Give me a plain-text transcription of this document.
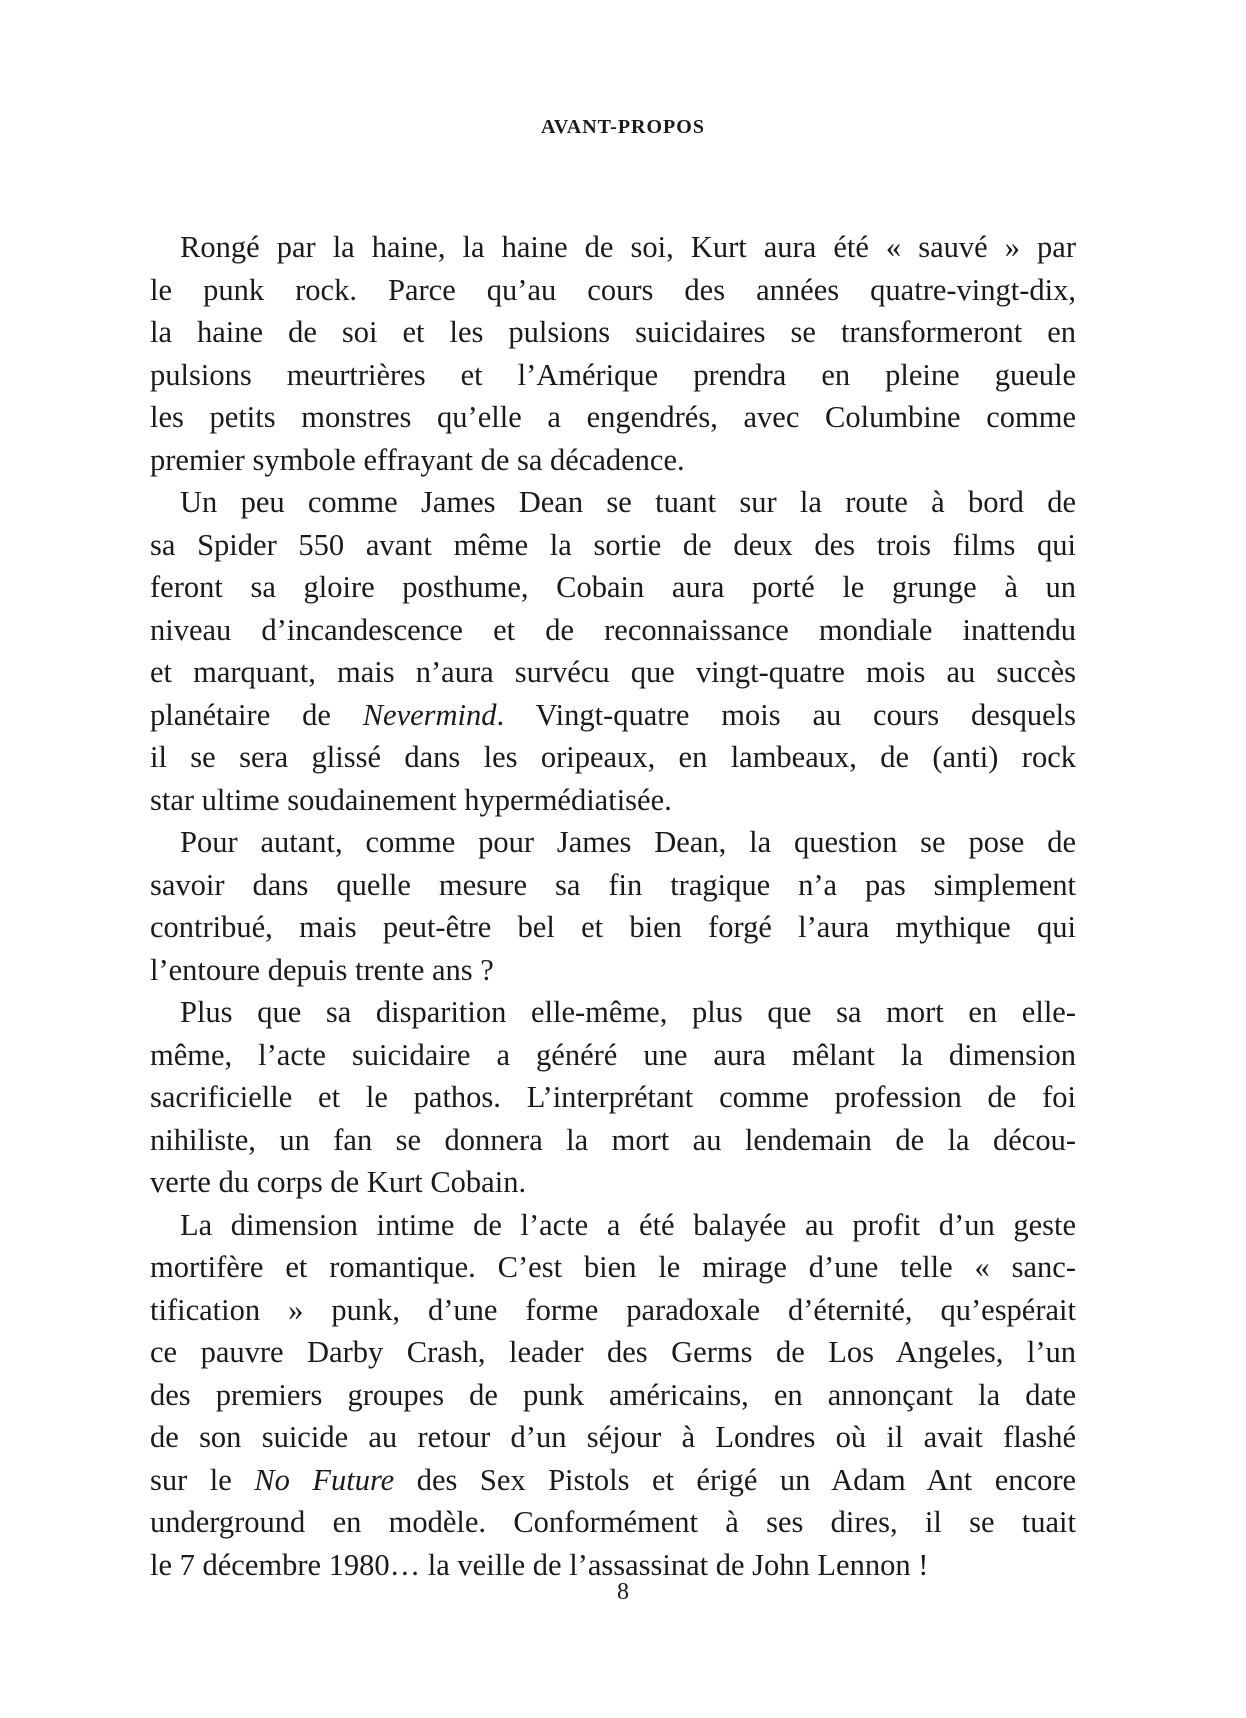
AVANT-PROPOS

Rongé par la haine, la haine de soi, Kurt aura été « sauvé » par
le punk rock. Parce qu’au cours des années quatre-vingt-dix,
la haine de soi et les pulsions suicidaires se transformeront en
pulsions meurtrières et l’Amérique prendra en pleine gueule
les petits monstres qu’elle a engendrés, avec Columbine comme
premier symbole effrayant de sa décadence.

Un peu comme James Dean se tuant sur la route à bord de
sa Spider 550 avant même la sortie de deux des trois films qui
feront sa gloire posthume, Cobain aura porté le grunge à un
niveau d’incandescence et de reconnaissance mondiale inattendu
et marquant, mais n’aura survécu que vingt-quatre mois au succès
planétaire de Nevermind. Vingt-quatre mois au cours desquels
il se sera glissé dans les oripeaux, en lambeaux, de (anti) rock
star ultime soudainement hypermédiatisée.

Pour autant, comme pour James Dean, la question se pose de
savoir dans quelle mesure sa fin tragique n’a pas simplement
contribué, mais peut-être bel et bien forgé l’aura mythique qui
l’entoure depuis trente ans ?

Plus que sa disparition elle-même, plus que sa mort en elle-
même, l’acte suicidaire a généré une aura mêlant la dimension
sacrificielle et le pathos. L’interprétant comme profession de foi
nihiliste, un fan se donnera la mort au lendemain de la décou-
verte du corps de Kurt Cobain.

La dimension intime de l’acte a été balayée au profit d’un geste
mortifère et romantique. C’est bien le mirage d’une telle « sanc-
tification » punk, d’une forme paradoxale d’éternité, qu’espérait
ce pauvre Darby Crash, leader des Germs de Los Angeles, l’un
des premiers groupes de punk américains, en annonçant la date
de son suicide au retour d’un séjour à Londres où il avait flashé
sur le No Future des Sex Pistols et érigé un Adam Ant encore
underground en modèle. Conformément à ses dires, il se tuait
le 7 décembre 1980… la veille de l’assassinat de John Lennon !

8
